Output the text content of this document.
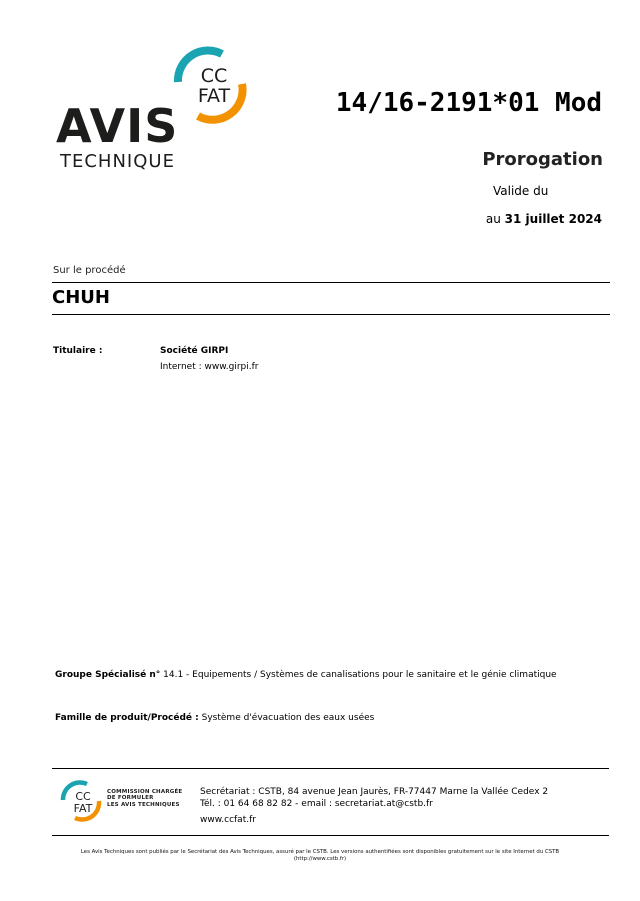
CC
FAT
AVIS
TECHNIQUE
14/16-2191*01 Mod
Prorogation
Valide du
au 31 juillet 2024
Sur le procédé
CHUH
Titulaire :	Société GIRPI
Internet : www.girpi.fr
Groupe Spécialisé n° 14.1 - Equipements / Systèmes de canalisations pour le sanitaire et le génie climatique
Famille de produit/Procédé : Système d'évacuation des eaux usées
CC
FAT
COMMISSION CHARGÉE
DE FORMULER
LES AVIS TECHNIQUES
Secrétariat : CSTB, 84 avenue Jean Jaurès, FR-77447 Marne la Vallée Cedex 2
Tél. : 01 64 68 82 82 - email : secretariat.at@cstb.fr
www.ccfat.fr
Les Avis Techniques sont publiés par le Secrétariat des Avis Techniques, assuré par le CSTB. Les versions authentifiées sont disponibles gratuitement sur le site Internet du CSTB
(http://www.cstb.fr)
